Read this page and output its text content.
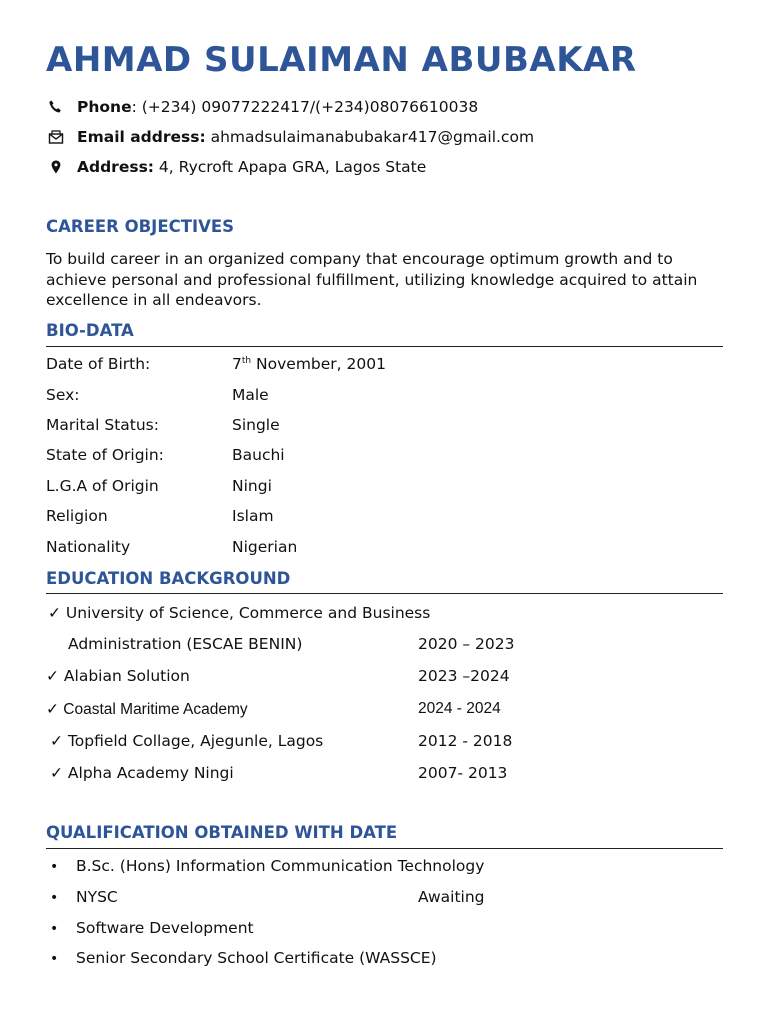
AHMAD SULAIMAN ABUBAKAR
Phone: (+234) 09077222417/(+234)08076610038
Email address: ahmadsulaimanabubakar417@gmail.com
Address: 4, Rycroft Apapa GRA, Lagos State
CAREER OBJECTIVES

To build career in an organized company that encourage optimum growth and to achieve personal and professional fulfillment, utilizing knowledge acquired to attain excellence in all endeavors.

BIO-DATA
Date of Birth:	7th November, 2001
Sex:	Male
Marital Status:	Single
State of Origin:	Bauchi
L.G.A of Origin	Ningi
Religion	Islam
Nationality	Nigerian
EDUCATION BACKGROUND
✓ University of Science, Commerce and Business
Administration (ESCAE BENIN)	2020 – 2023
✓ Alabian Solution	2023 –2024
✓ Coastal Maritime Academy	2024 - 2024
✓ Topfield Collage, Ajegunle, Lagos	2012 - 2018
✓ Alpha Academy Ningi	2007- 2013
QUALIFICATION OBTAINED WITH DATE
• B.Sc. (Hons) Information Communication Technology
• NYSC	Awaiting
• Software Development
• Senior Secondary School Certificate (WASSCE)
